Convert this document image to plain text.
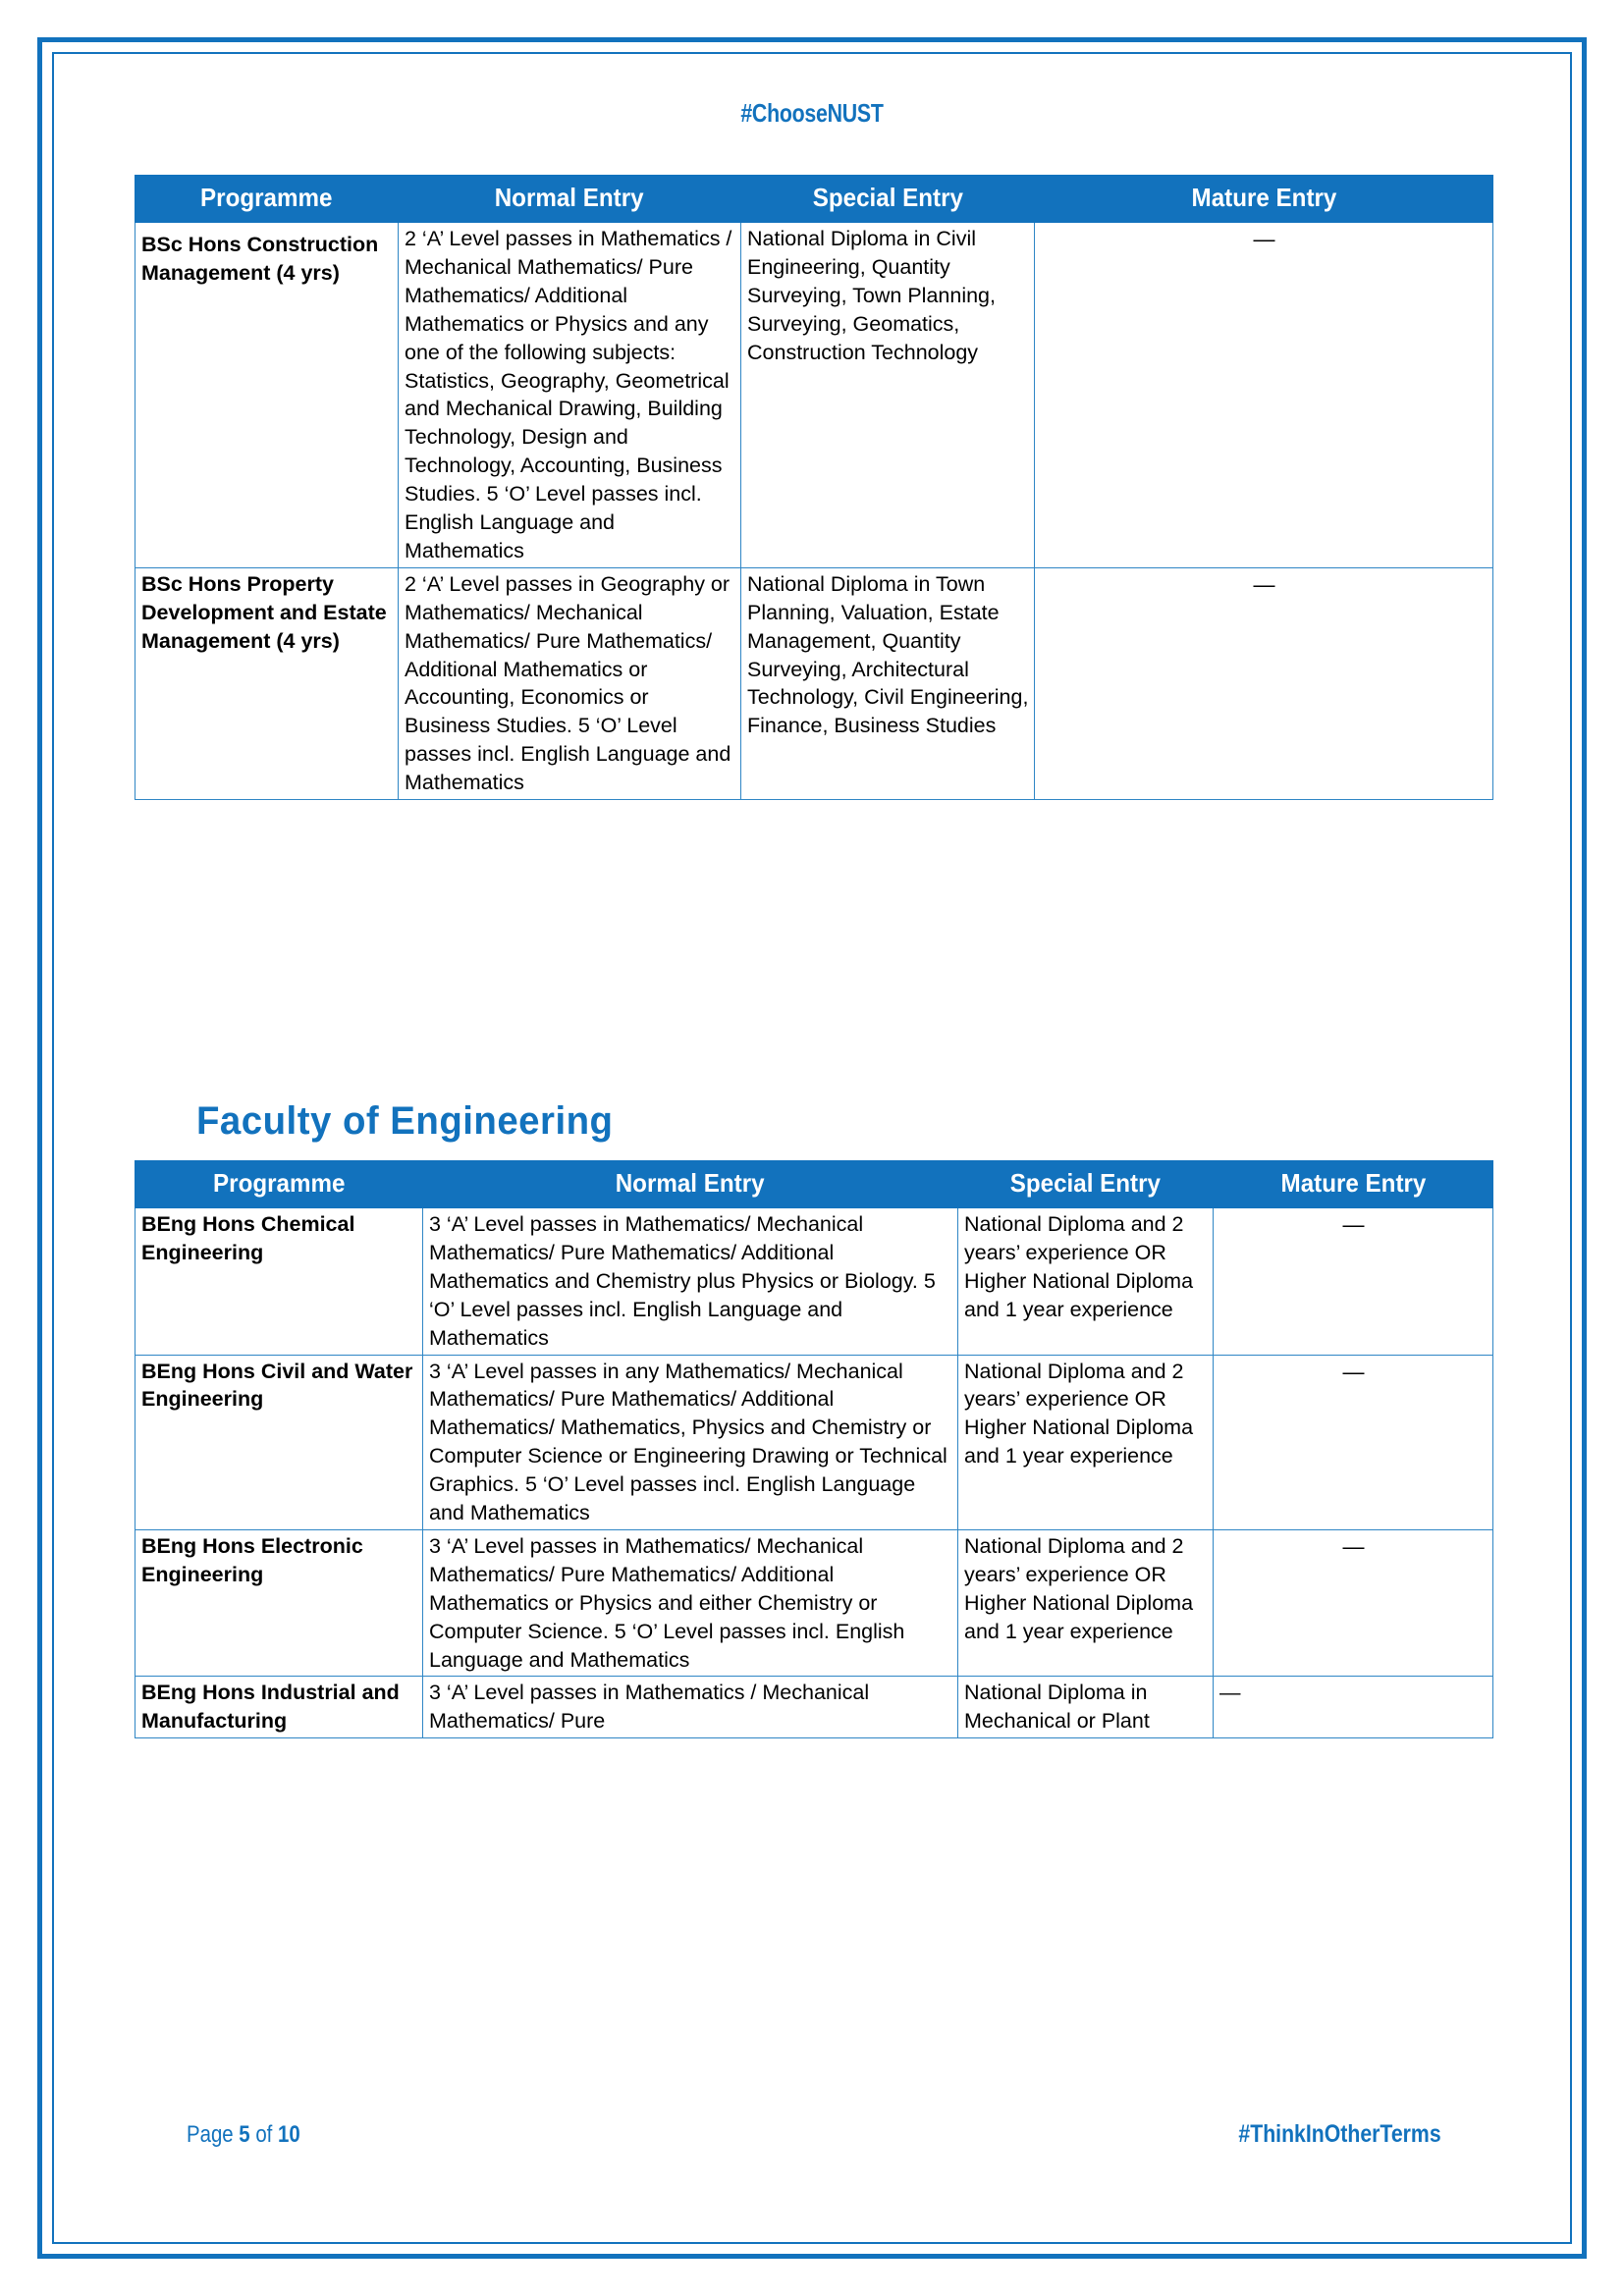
#ChooseNUST
Programme	Normal Entry	Special Entry	Mature Entry
BSc Hons Construction Management (4 yrs)	2 ‘A’ Level passes in Mathematics / Mechanical Mathematics/ Pure Mathematics/ Additional Mathematics or Physics and any one of the following subjects: Statistics, Geography, Geometrical and Mechanical Drawing, Building Technology, Design and Technology, Accounting, Business Studies. 5 ‘O’ Level passes incl. English Language and Mathematics	National Diploma in Civil Engineering, Quantity Surveying, Town Planning, Surveying, Geomatics, Construction Technology	—
BSc Hons Property Development and Estate Management (4 yrs)	2 ‘A’ Level passes in Geography or Mathematics/ Mechanical Mathematics/ Pure Mathematics/ Additional Mathematics or Accounting, Economics or Business Studies. 5 ‘O’ Level passes incl. English Language and Mathematics	National Diploma in Town Planning, Valuation, Estate Management, Quantity Surveying, Architectural Technology, Civil Engineering, Finance, Business Studies	—
Faculty of Engineering
Programme	Normal Entry	Special Entry	Mature Entry
BEng Hons Chemical Engineering	3 ‘A’ Level passes in Mathematics/ Mechanical Mathematics/ Pure Mathematics/ Additional Mathematics and Chemistry plus Physics or Biology. 5 ‘O’ Level passes incl. English Language and Mathematics	National Diploma and 2 years’ experience OR Higher National Diploma and 1 year experience	—
BEng Hons Civil and Water Engineering	3 ‘A’ Level passes in any Mathematics/ Mechanical Mathematics/ Pure Mathematics/ Additional Mathematics/ Mathematics, Physics and Chemistry or Computer Science or Engineering Drawing or Technical Graphics. 5 ‘O’ Level passes incl. English Language and Mathematics	National Diploma and 2 years’ experience OR Higher National Diploma and 1 year experience	—
BEng Hons Electronic Engineering	3 ‘A’ Level passes in Mathematics/ Mechanical Mathematics/ Pure Mathematics/ Additional Mathematics or Physics and either Chemistry or Computer Science. 5 ‘O’ Level passes incl. English Language and Mathematics	National Diploma and 2 years’ experience OR Higher National Diploma and 1 year experience	—
BEng Hons Industrial and Manufacturing	3 ‘A’ Level passes in Mathematics / Mechanical Mathematics/ Pure	National Diploma in Mechanical or Plant	—
Page 5 of 10	#ThinkInOtherTerms
